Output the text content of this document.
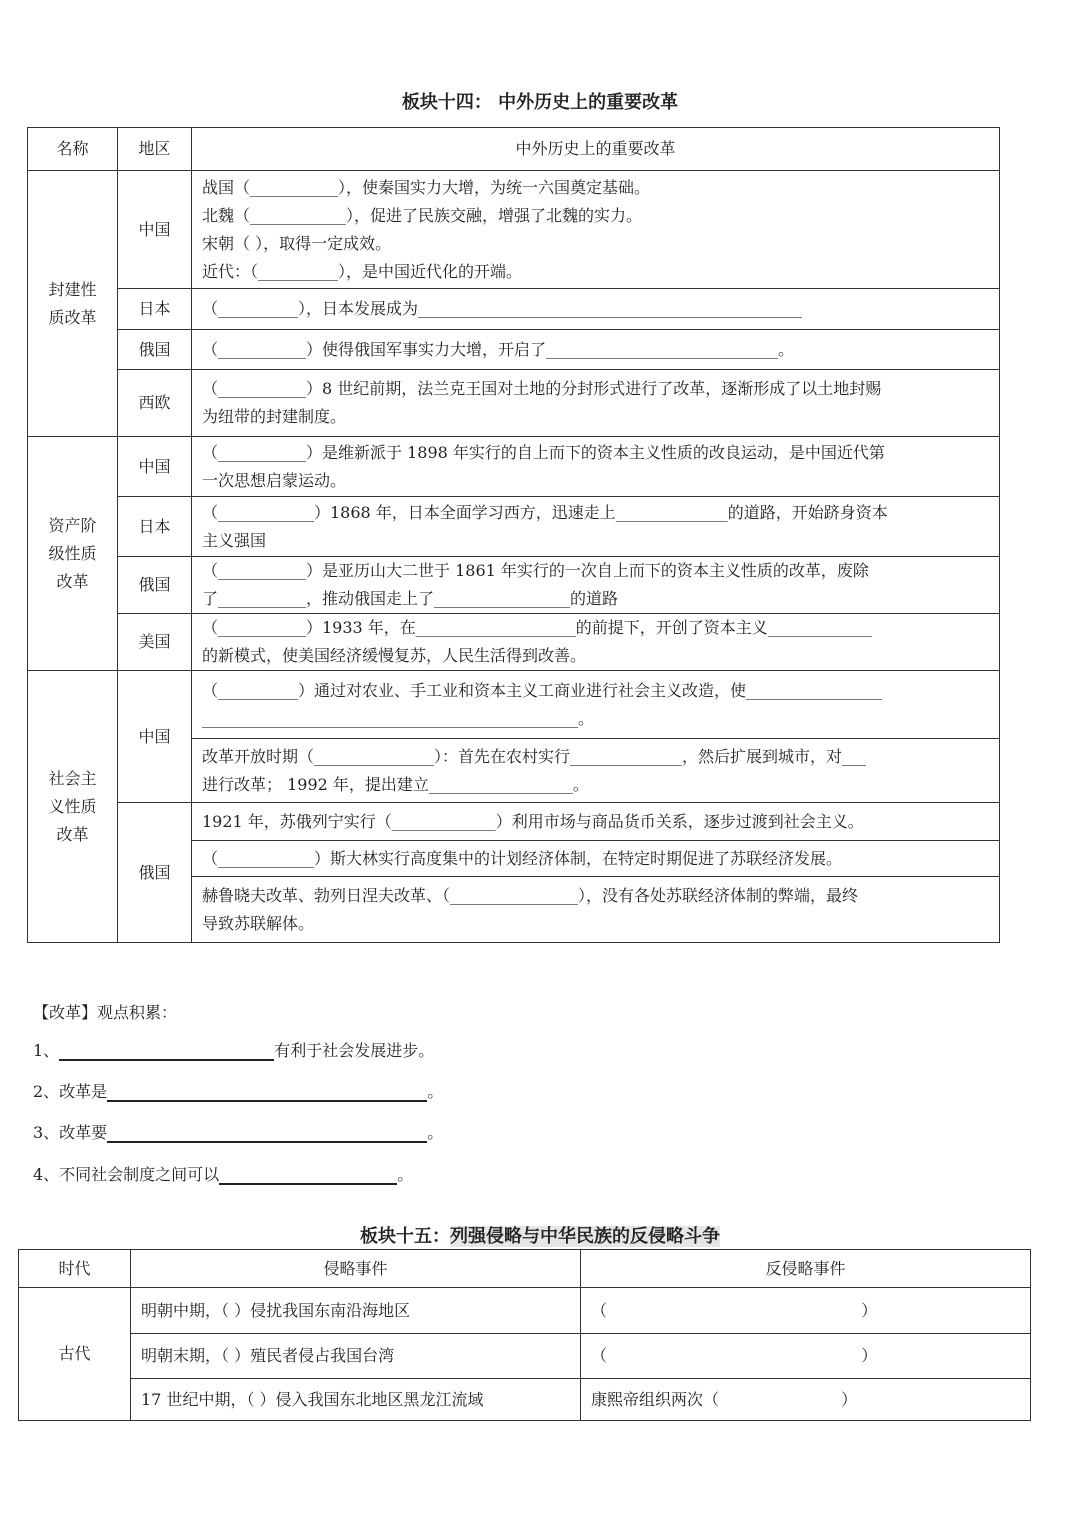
板块十四： 中外历史上的重要改革
名称	地区	中外历史上的重要改革
封建性质改革	中国	战国（___________），使秦国实力大增，为统一六国奠定基础。
北魏（____________），促进了民族交融，增强了北魏的实力。
宋朝（ ），取得一定成效。
近代：（__________），是中国近代化的开端。

	日本	（__________），日本发展成为________________________________________________

	俄国	（___________）使得俄国军事实力大增，开启了_____________________________。

	西欧	（___________）8 世纪前期，法兰克王国对土地的分封形式进行了改革，逐渐形成了以土地封赐
为纽带的封建制度。

资产阶级性质改革	中国	（___________）是维新派于 1898 年实行的自上而下的资本主义性质的改良运动，是中国近代第
一次思想启蒙运动。

	日本	（____________）1868 年，日本全面学习西方，迅速走上______________的道路，开始跻身资本
主义强国

	俄国	（___________）是亚历山大二世于 1861 年实行的一次自上而下的资本主义性质的改革，废除
了___________，推动俄国走上了_________________的道路

	美国	（___________）1933 年，在____________________的前提下，开创了资本主义_____________
的新模式，使美国经济缓慢复苏，人民生活得到改善。

社会主义性质改革	中国	（__________）通过对农业、手工业和资本主义工商业进行社会主义改造，使_________________
_______________________________________________。

		改革开放时期（_______________）：首先在农村实行______________，然后扩展到城市，对___
进行改革； 1992 年，提出建立__________________。

	俄国	1921 年，苏俄列宁实行（_____________）利用市场与商品货币关系，逐步过渡到社会主义。

		（____________）斯大林实行高度集中的计划经济体制，在特定时期促进了苏联经济发展。

		赫鲁晓夫改革、勃列日涅夫改革、（________________），没有各处苏联经济体制的弊端，最终
导致苏联解体。
【改革】观点积累：
1、	有利于社会发展进步。
2、改革是	。
3、改革要	。
4、不同社会制度之间可以	。
板块十五：列强侵略与中华民族的反侵略斗争
时代	侵略事件	反侵略事件
古代	明朝中期，（ ）侵扰我国东南沿海地区	（                                                  ）
	明朝末期，（ ）殖民者侵占我国台湾	（                                                  ）
	17 世纪中期，（ ）侵入我国东北地区黑龙江流域	康熙帝组织两次（                        ）
